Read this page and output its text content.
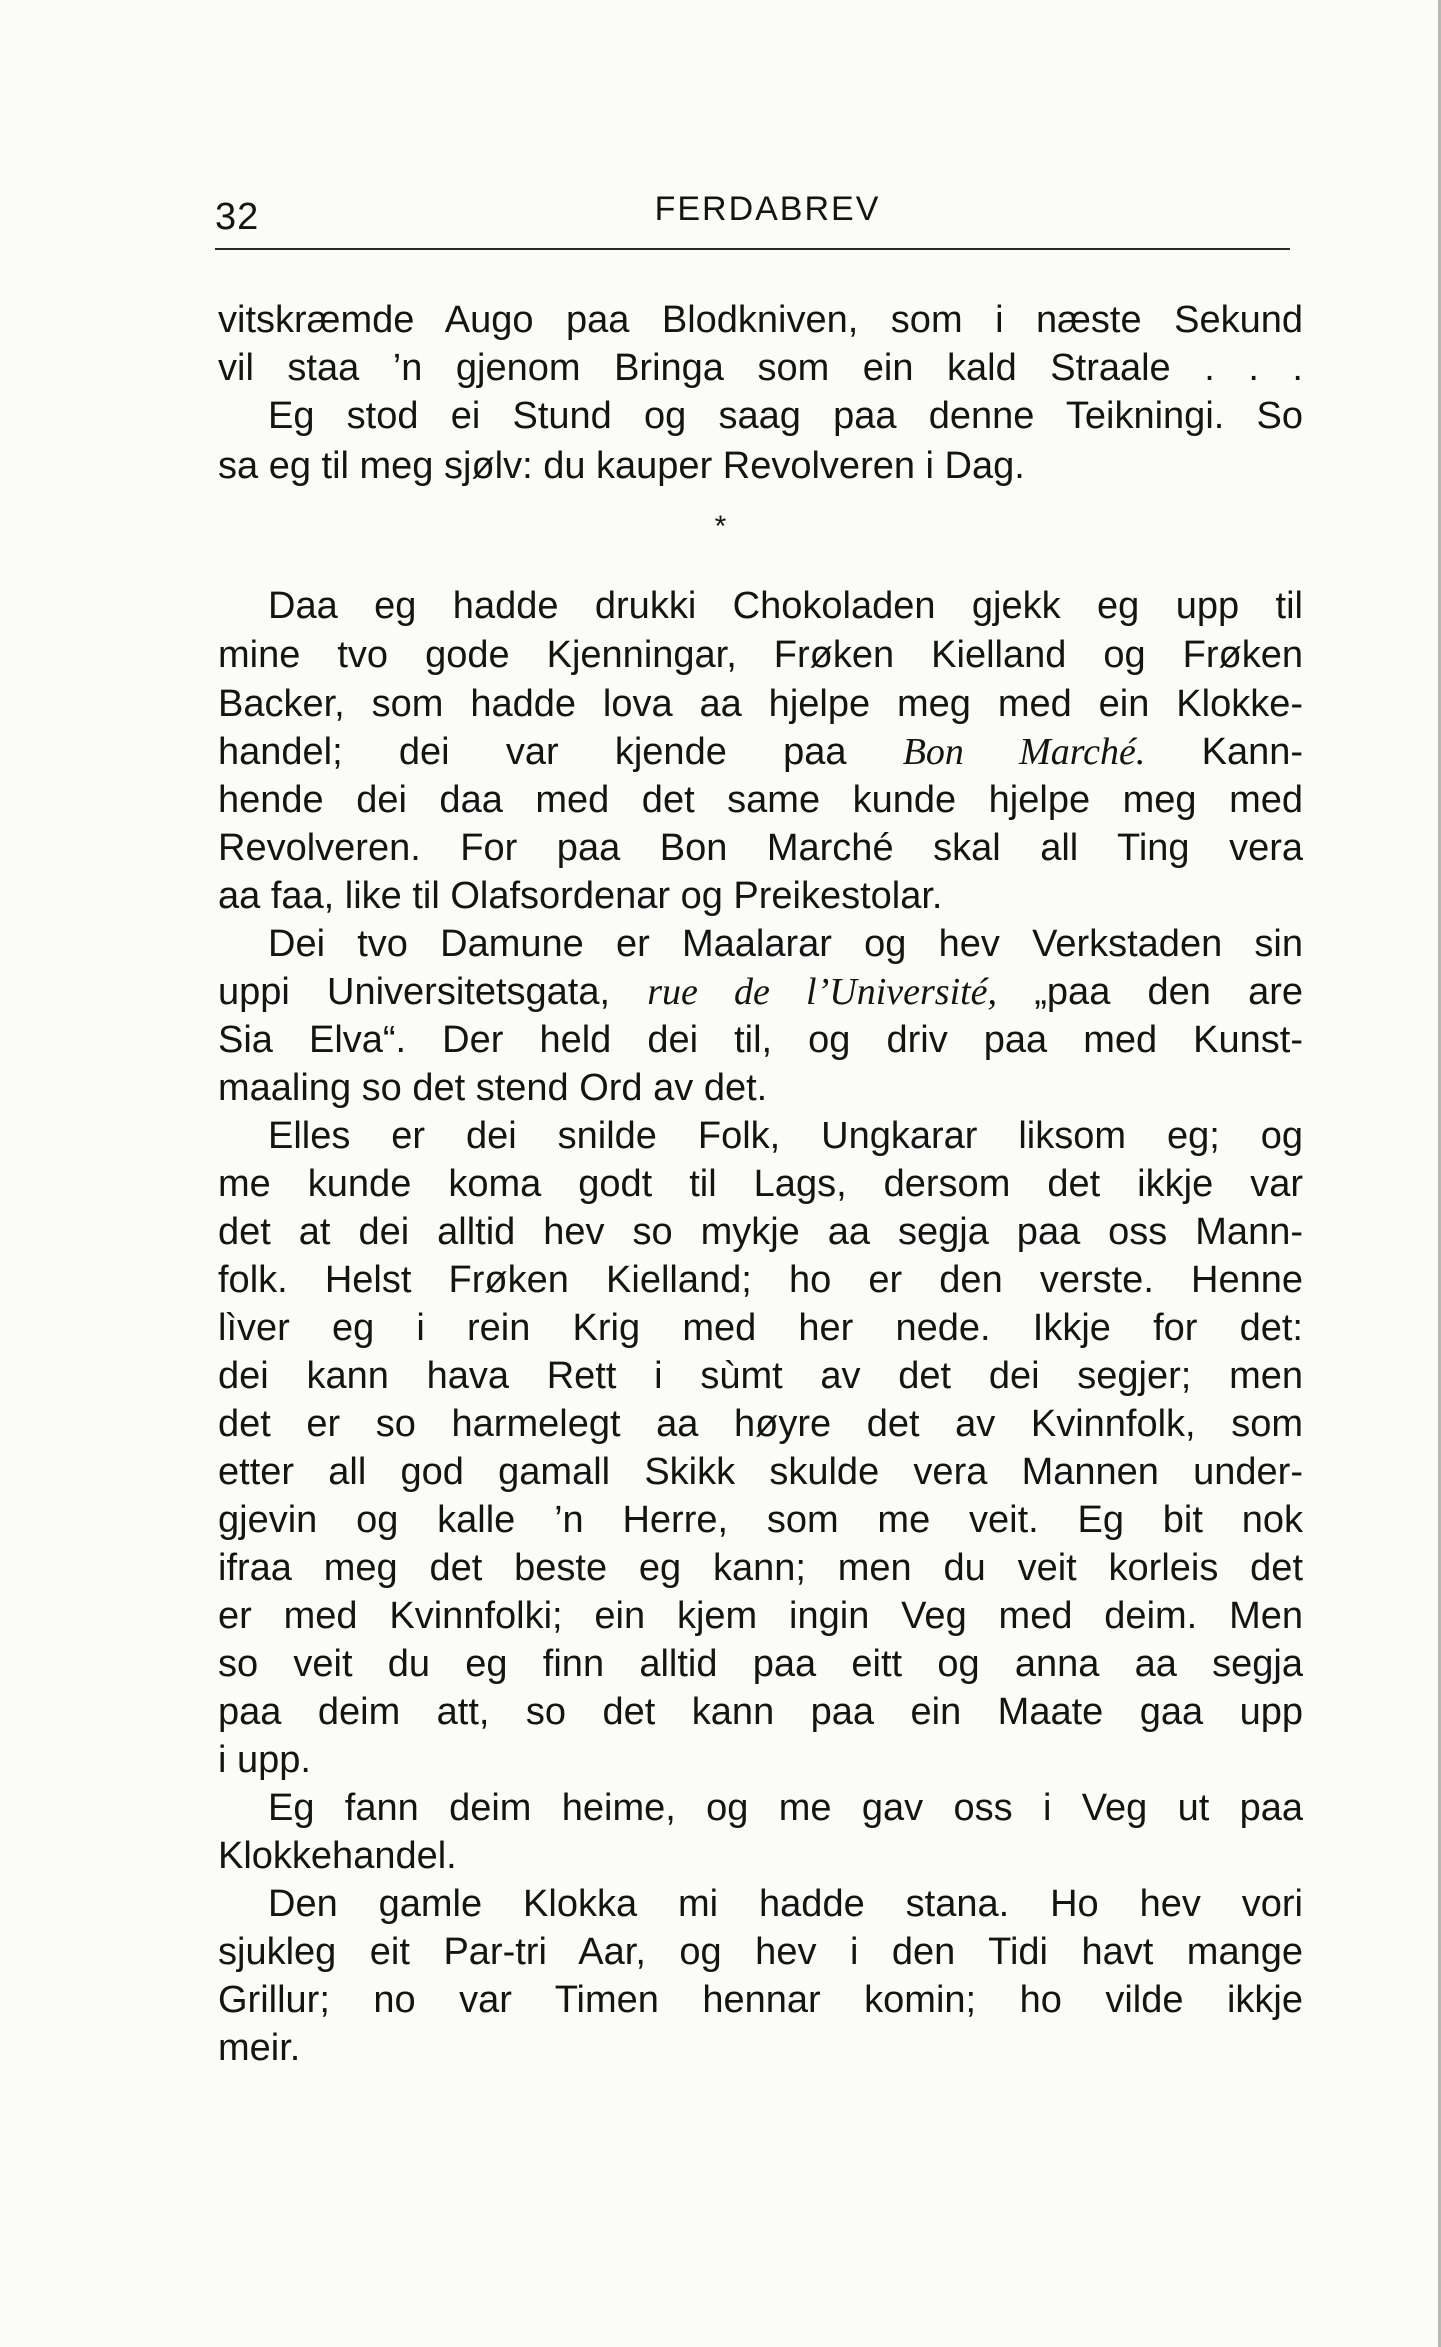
32	FERDABREV
vitskræmde Augo paa Blodkniven, som i næste Sekund
vil staa ’n gjenom Bringa som ein kald Straale . . .
Eg stod ei Stund og saag paa denne Teikningi. So
sa eg til meg sjølv: du kauper Revolveren i Dag.
*
Daa eg hadde drukki Chokoladen gjekk eg upp til
mine tvo gode Kjenningar, Frøken Kielland og Frøken
Backer, som hadde lova aa hjelpe meg med ein Klokke-
handel; dei var kjende paa Bon Marché. Kann-
hende dei daa med det same kunde hjelpe meg med
Revolveren. For paa Bon Marché skal all Ting vera
aa faa, like til Olafsordenar og Preikestolar.
Dei tvo Damune er Maalarar og hev Verkstaden sin
uppi Universitetsgata, rue de l’Université, „paa den are
Sia Elva“. Der held dei til, og driv paa med Kunst-
maaling so det stend Ord av det.
Elles er dei snilde Folk, Ungkarar liksom eg; og
me kunde koma godt til Lags, dersom det ikkje var
det at dei alltid hev so mykje aa segja paa oss Mann-
folk. Helst Frøken Kielland; ho er den verste. Henne
lìver eg i rein Krig med her nede. Ikkje for det:
dei kann hava Rett i sùmt av det dei segjer; men
det er so harmelegt aa høyre det av Kvinnfolk, som
etter all god gamall Skikk skulde vera Mannen under-
gjevin og kalle ’n Herre, som me veit. Eg bit nok
ifraa meg det beste eg kann; men du veit korleis det
er med Kvinnfolki; ein kjem ingin Veg med deim. Men
so veit du eg finn alltid paa eitt og anna aa segja
paa deim att, so det kann paa ein Maate gaa upp
i upp.
Eg fann deim heime, og me gav oss i Veg ut paa
Klokkehandel.
Den gamle Klokka mi hadde stana. Ho hev vori
sjukleg eit Par-tri Aar, og hev i den Tidi havt mange
Grillur; no var Timen hennar komin; ho vilde ikkje
meir.
